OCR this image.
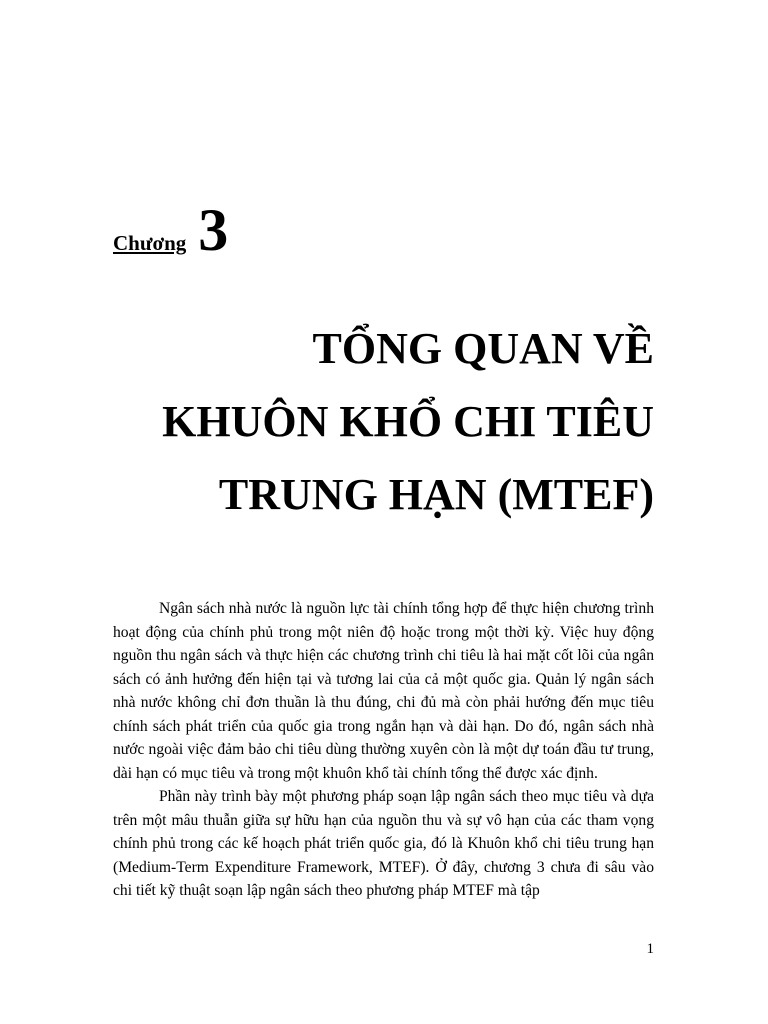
Chương 3
TỔNG QUAN VỀ
KHUÔN KHỔ CHI TIÊU
TRUNG HẠN (MTEF)

Ngân sách nhà nước là nguồn lực tài chính tổng hợp để thực hiện chương trình hoạt động của chính phủ trong một niên độ hoặc trong một thời kỳ. Việc huy động nguồn thu ngân sách và thực hiện các chương trình chi tiêu là hai mặt cốt lõi của ngân sách có ảnh hưởng đến hiện tại và tương lai của cả một quốc gia. Quản lý ngân sách nhà nước không chỉ đơn thuần là thu đúng, chi đủ mà còn phải hướng đến mục tiêu chính sách phát triển của quốc gia trong ngắn hạn và dài hạn. Do đó, ngân sách nhà nước ngoài việc đảm bảo chi tiêu dùng thường xuyên còn là một dự toán đầu tư trung, dài hạn có mục tiêu và trong một khuôn khổ tài chính tổng thể được xác định.

Phần này trình bày một phương pháp soạn lập ngân sách theo mục tiêu và dựa trên một mâu thuẫn giữa sự hữu hạn của nguồn thu và sự vô hạn của các tham vọng chính phủ trong các kế hoạch phát triển quốc gia, đó là Khuôn khổ chi tiêu trung hạn (Medium-Term Expenditure Framework, MTEF). Ở đây, chương 3 chưa đi sâu vào chi tiết kỹ thuật soạn lập ngân sách theo phương pháp MTEF mà tập

1
